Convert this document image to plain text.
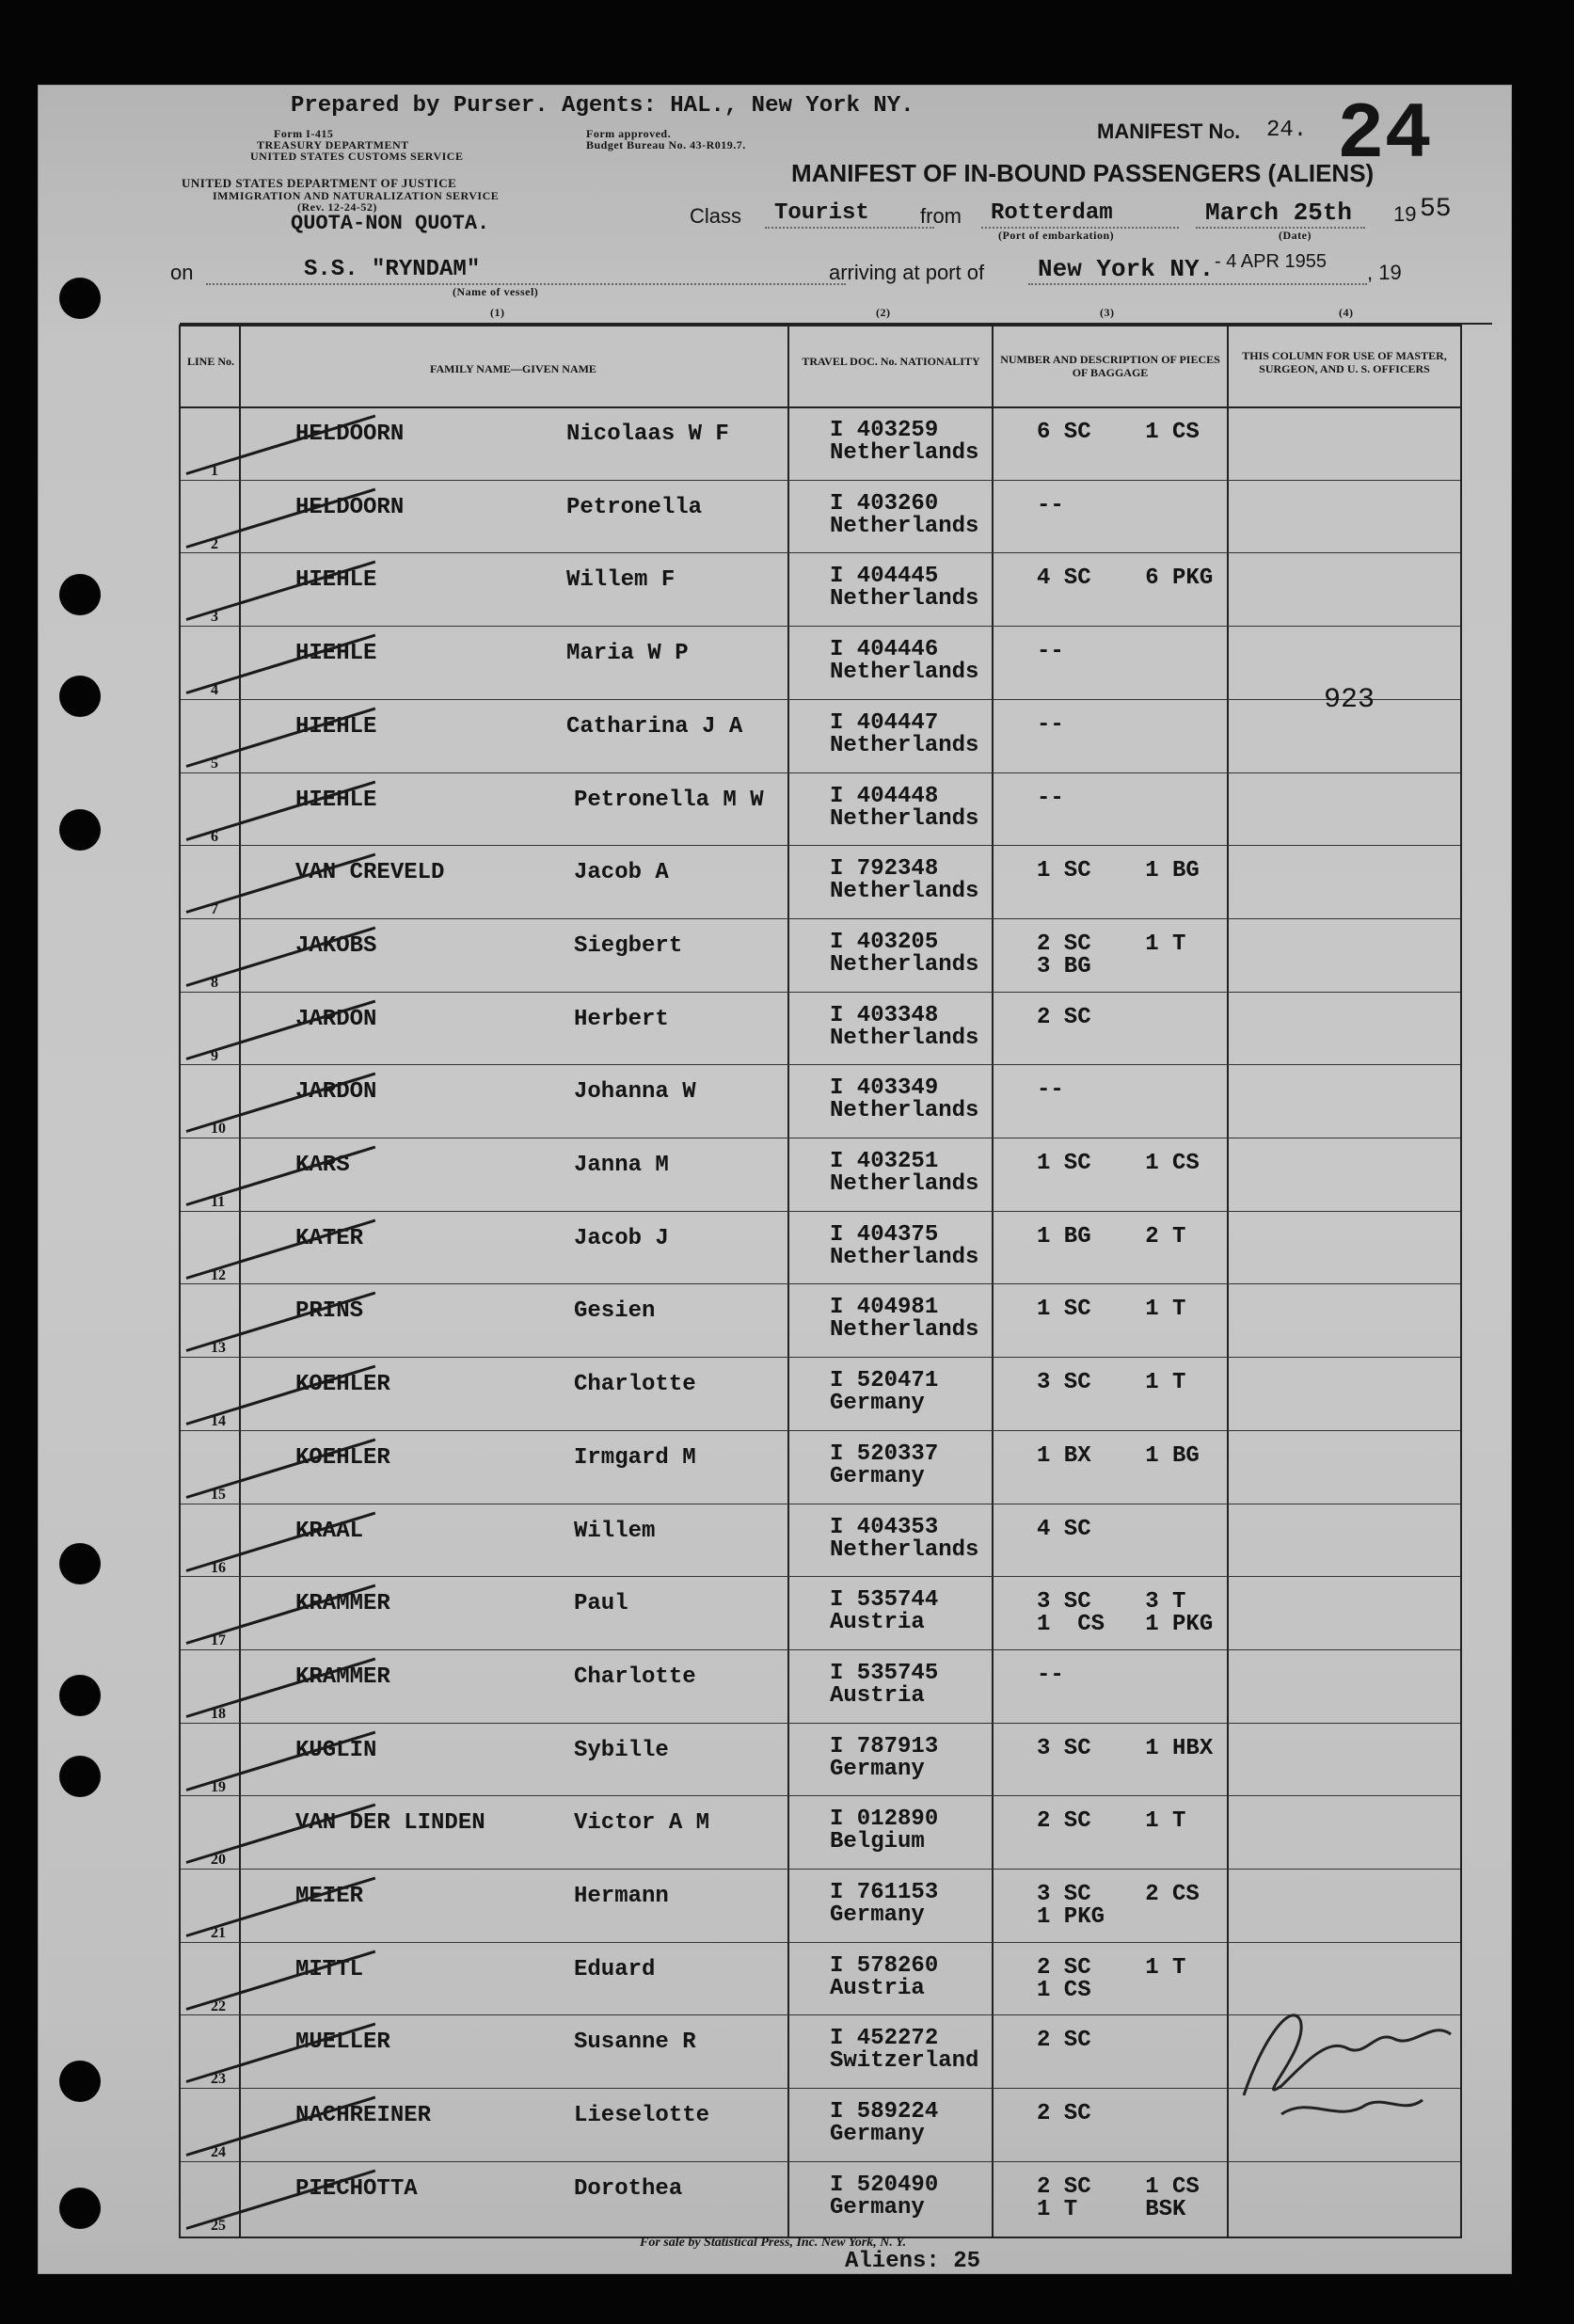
Prepared by Purser. Agents: HAL., New York NY.
Form I-415
TREASURY DEPARTMENT
UNITED STATES CUSTOMS SERVICE
Form approved.
Budget Bureau No. 43-R019.7.
UNITED STATES DEPARTMENT OF JUSTICE
IMMIGRATION AND NATURALIZATION SERVICE
(Rev. 12-24-52)
QUOTA-NON QUOTA.
MANIFEST No. 24. 24
MANIFEST OF IN-BOUND PASSENGERS (ALIENS)
Class Tourist from Rotterdam
(Port of embarkation)
March 25th
(Date)
19 55
on	S.S. "RYNDAM"
(Name of vessel)
arriving at port of New York NY. - 4 APR 1955 , 19
(1)	(2)	(3)	(4)
LINE No.
FAMILY NAME—GIVEN NAME
TRAVEL DOC. No. NATIONALITY NUMBER AND DESCRIPTION OF PIECES OF BAGGAGE
THIS COLUMN FOR USE OF MASTER, SURGEON, AND U. S. OFFICERS
1
HELDOORN	Nicolaas W F	I 403259
Netherlands
6 SC    1 CS
2
HELDOORN	Petronella	I 403260
Netherlands
--
3
HIEHLE	Willem F	I 404445
Netherlands
4 SC    6 PKG
4
HIEHLE	Maria W P	I 404446
Netherlands
--
5
HIEHLE	Catharina J A	I 404447
Netherlands
--
6
HIEHLE	Petronella M W	I 404448
Netherlands
--
7
VAN CREVELD	Jacob A	I 792348
Netherlands
1 SC    1 BG
8
JAKOBS	Siegbert	I 403205
Netherlands
2 SC    1 T
3 BG
9
JARDON	Herbert	I 403348
Netherlands
2 SC
10
JARDON	Johanna W	I 403349
Netherlands
--
11
KARS	Janna M	I 403251
Netherlands
1 SC    1 CS
12
KATER	Jacob J	I 404375
Netherlands
1 BG    2 T
13
PRINS	Gesien	I 404981
Netherlands
1 SC    1 T
14
KOEHLER	Charlotte	I 520471
Germany
3 SC    1 T
15
KOEHLER	Irmgard M	I 520337
Germany
1 BX    1 BG
16
KRAAL	Willem	I 404353
Netherlands
4 SC
17
KRAMMER	Paul	I 535744
Austria
3 SC    3 T
1  CS   1 PKG
18
KRAMMER	Charlotte	I 535745
Austria
--
19
KUGLIN	Sybille	I 787913
Germany
3 SC    1 HBX
20
VAN DER LINDEN	Victor A M	I 012890
Belgium
2 SC    1 T
21
MEIER	Hermann	I 761153
Germany
3 SC    2 CS
1 PKG
22
MITTL	Eduard	I 578260
Austria
2 SC    1 T
1 CS
23
MUELLER	Susanne R	I 452272
Switzerland
2 SC
24
NACHREINER	Lieselotte	I 589224
Germany
2 SC
25
PIECHOTTA	Dorothea	I 520490
Germany
2 SC    1 CS
1 T     BSK
923
For sale by Statistical Press, Inc. New York, N. Y.
Aliens: 25
